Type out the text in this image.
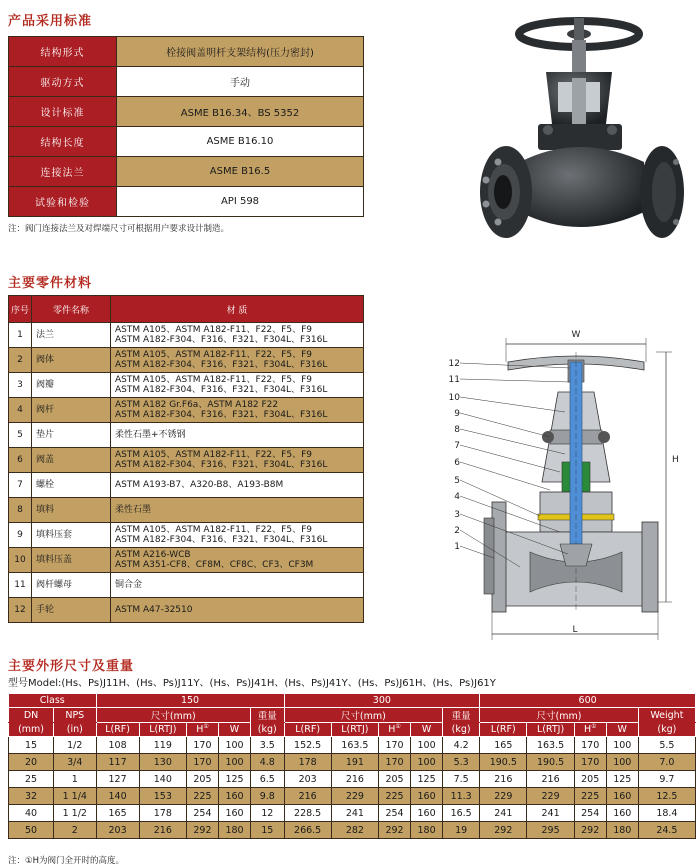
产品采用标准
结构形式	栓接阀盖明杆支架结构(压力密封)
驱动方式	手动
设计标准	ASME B16.34、BS 5352
结构长度	ASME B16.10
连接法兰	ASME B16.5
试验和检验	API 598
注：阀门连接法兰及对焊端尺寸可根据用户要求设计制造。
主要零件材料
序号	零件名称	材 质
1	法兰	ASTM A105、ASTM A182-F11、F22、F5、F9
ASTM A182-F304、F316、F321、F304L、F316L

2	阀体	ASTM A105、ASTM A182-F11、F22、F5、F9
ASTM A182-F304、F316、F321、F304L、F316L

3	阀瓣	ASTM A105、ASTM A182-F11、F22、F5、F9
ASTM A182-F304、F316、F321、F304L、F316L

4	阀杆	ASTM A182 Gr.F6a、ASTM A182 F22
ASTM A182-F304、F316、F321、F304L、F316L

5	垫片	柔性石墨+不锈钢

6	阀盖	ASTM A105、ASTM A182-F11、F22、F5、F9
ASTM A182-F304、F316、F321、F304L、F316L

7	螺栓	ASTM A193-B7、A320-B8、A193-B8M

8	填料	柔性石墨

9	填料压套	ASTM A105、ASTM A182-F11、F22、F5、F9
ASTM A182-F304、F316、F321、F304L、F316L

10	填料压盖	ASTM A216-WCB
ASTM A351-CF8、CF8M、CF8C、CF3、CF3M

11	阀杆螺母	铜合金

12	手轮	ASTM A47-32510
W
H
L
12
11
10
9
8
7
6
5
4
3
2
1
主要外形尺寸及重量
型号Model:(Hs、Ps)J11H、(Hs、Ps)J11Y、(Hs、Ps)J41H、(Hs、Ps)J41Y、(Hs、Ps)J61H、(Hs、Ps)J61Y
Class		150					300					600				
DN	NPS	尺寸(mm)				重量	尺寸(mm)				重量	尺寸(mm)				Weight
(mm)	(in)	L(RF)	L(RTJ)	H①	W	(kg)	L(RF)	L(RTJ)	H①	W	(kg)	L(RF)	L(RTJ)	H①	W	(kg)
15	1/2	108	119	170	100	3.5	152.5	163.5	170	100	4.2	165	163.5	170	100	5.5
20	3/4	117	130	170	100	4.8	178	191	170	100	5.3	190.5	190.5	170	100	7.0
25	1	127	140	205	125	6.5	203	216	205	125	7.5	216	216	205	125	9.7
32	1 1/4	140	153	225	160	9.8	216	229	225	160	11.3	229	229	225	160	12.5
40	1 1/2	165	178	254	160	12	228.5	241	254	160	16.5	241	241	254	160	18.4
50	2	203	216	292	180	15	266.5	282	292	180	19	292	295	292	180	24.5
注：①H为阀门全开时的高度。
